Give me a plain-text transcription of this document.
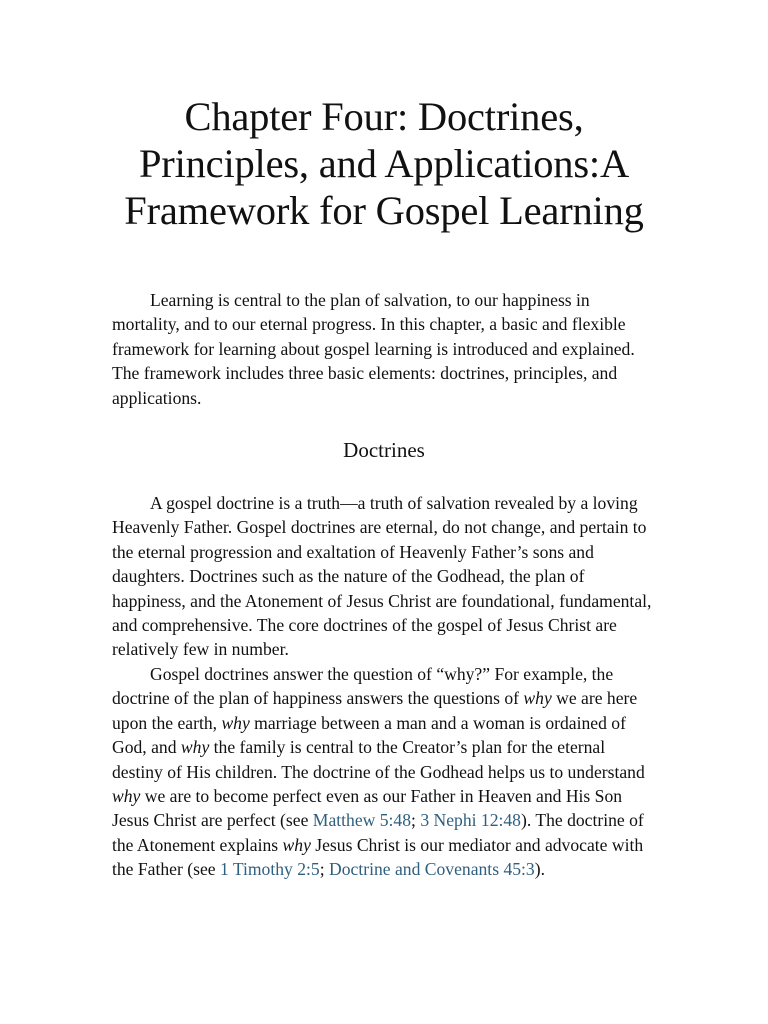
Chapter Four: Doctrines,
Principles, and Applications:A
Framework for Gospel Learning

Learning is central to the plan of salvation, to our happiness in mortality, and to our eternal progress. In this chapter, a basic and flexible framework for learning about gospel learning is introduced and explained. The framework includes three basic elements: doctrines, principles, and applications.

Doctrines

A gospel doctrine is a truth—a truth of salvation revealed by a loving Heavenly Father. Gospel doctrines are eternal, do not change, and pertain to the eternal progression and exaltation of Heavenly Father’s sons and daughters. Doctrines such as the nature of the Godhead, the plan of happiness, and the Atonement of Jesus Christ are foundational, fundamental, and comprehensive. The core doctrines of the gospel of Jesus Christ are relatively few in number.

Gospel doctrines answer the question of “why?” For example, the doctrine of the plan of happiness answers the questions of why we are here upon the earth, why marriage between a man and a woman is ordained of God, and why the family is central to the Creator’s plan for the eternal destiny of His children. The doctrine of the Godhead helps us to understand why we are to become perfect even as our Father in Heaven and His Son Jesus Christ are perfect (see Matthew 5:48; 3 Nephi 12:48). The doctrine of the Atonement explains why Jesus Christ is our mediator and advocate with the Father (see 1 Timothy 2:5; Doctrine and Covenants 45:3).
